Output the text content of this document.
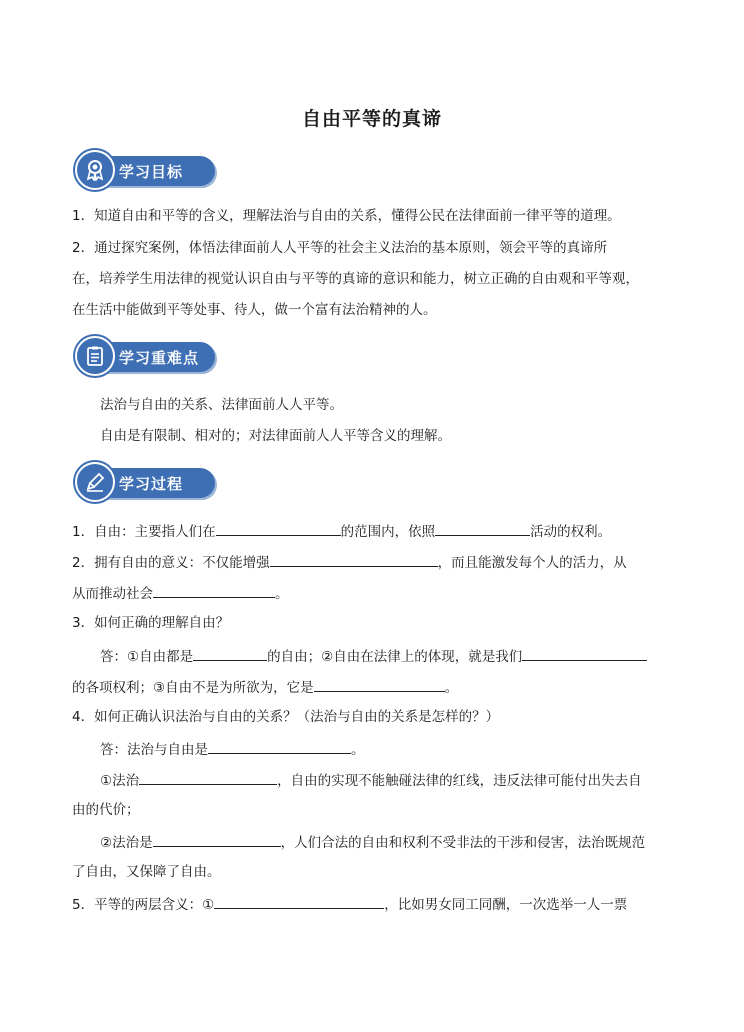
自由平等的真谛
学习目标
1．知道自由和平等的含义，理解法治与自由的关系，懂得公民在法律面前一律平等的道理。
2．通过探究案例，体悟法律面前人人平等的社会主义法治的基本原则，领会平等的真谛所
在，培养学生用法律的视觉认识自由与平等的真谛的意识和能力，树立正确的自由观和平等观，
在生活中能做到平等处事、待人，做一个富有法治精神的人。
学习重难点
法治与自由的关系、法律面前人人平等。
自由是有限制、相对的；对法律面前人人平等含义的理解。
学习过程
1．自由：主要指人们在	的范围内，依照	活动的权利。
2．拥有自由的意义：不仅能增强	，而且能激发每个人的活力，从
从而推动社会	。
3．如何正确的理解自由？
答：①自由都是	的自由；②自由在法律上的体现，就是我们
的各项权利；③自由不是为所欲为，它是	。
4．如何正确认识法治与自由的关系？（法治与自由的关系是怎样的？）
答：法治与自由是	。
①法治	，自由的实现不能触碰法律的红线，违反法律可能付出失去自
由的代价；
②法治是	，人们合法的自由和权利不受非法的干涉和侵害，法治既规范
了自由，又保障了自由。
5．平等的两层含义：①	，比如男女同工同酬，一次选举一人一票
